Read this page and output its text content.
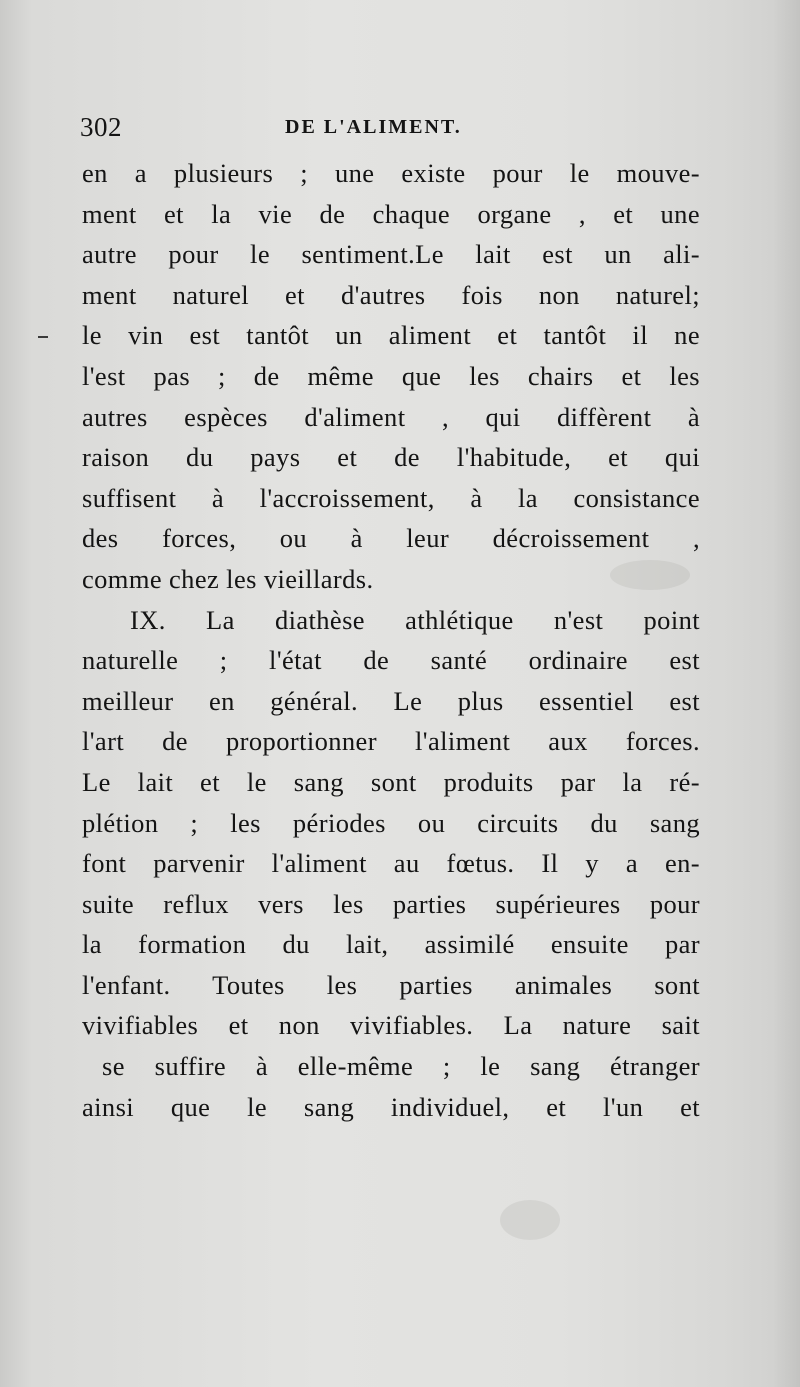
302	DE L'ALIMENT.
en a plusieurs ; une existe pour le mouve-
ment et la vie de chaque organe , et une
autre pour le sentiment.Le lait est un ali-
ment naturel et d'autres fois non naturel;
le vin est tantôt un aliment et tantôt il ne
l'est pas ; de même que les chairs et les
autres espèces d'aliment , qui diffèrent à
raison du pays et de l'habitude, et qui
suffisent à l'accroissement, à la consistance
des forces, ou à leur décroissement ,
comme chez les vieillards.
IX. La diathèse athlétique n'est point
naturelle ; l'état de santé ordinaire est
meilleur en général. Le plus essentiel est
l'art de proportionner l'aliment aux forces.
Le lait et le sang sont produits par la ré-
plétion ; les périodes ou circuits du sang
font parvenir l'aliment au fœtus. Il y a en-
suite reflux vers les parties supérieures pour
la formation du lait, assimilé ensuite par
l'enfant. Toutes les parties animales sont
vivifiables et non vivifiables. La nature sait
se suffire à elle-même ; le sang étranger
ainsi que le sang individuel, et l'un et
